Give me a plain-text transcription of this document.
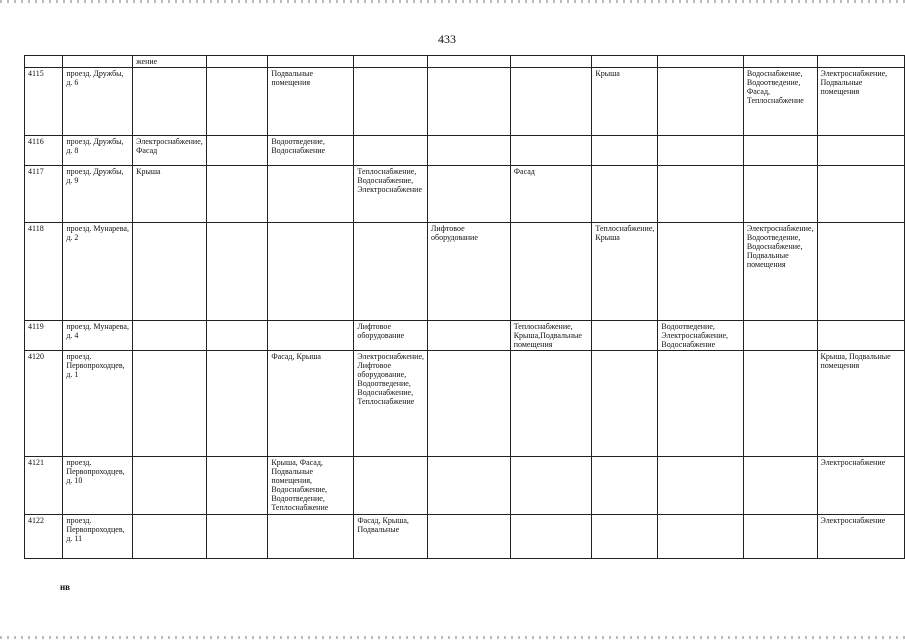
433
		жение									
4115	проезд. Дружбы, д. 6			Подвальные помещения				Крыша		Водоснабжение, Водоотведение, Фасад, Теплоснабжение	Электроснабжение, Подвальные помещения
4116	проезд. Дружбы, д. 8	Электроснабжение, Фасад		Водоотведение, Водоснабжение							
4117	проезд. Дружбы, д. 9	Крыша			Теплоснабжение, Водоснабжение, Электроснабжение		Фасад				
4118	проезд. Мунарева, д. 2					Лифтовое оборудование		Теплоснабжение, Крыша		Электроснабжение, Водоотведение, Водоснабжение, Подвальные помещения	
4119	проезд. Мунарева, д. 4				Лифтовое оборудование		Теплоснабжение, Крыша,Подвальные помещения		Водоотведение, Электроснабжение, Водоснабжение		
4120	проезд. Первопроходцев, д. 1			Фасад, Крыша	Электроснабжение, Лифтовое оборудование, Водоотведение, Водоснабжение, Теплоснабжение						Крыша, Подвальные помещения
4121	проезд. Первопроходцев, д. 10			Крыша, Фасад, Подвальные помещения, Водоснабжение, Водоотведение, Теплоснабжение							Электроснабжение
4122	проезд. Первопроходцев, д. 11				Фасад, Крыша, Подвальные						Электроснабжение
нв
